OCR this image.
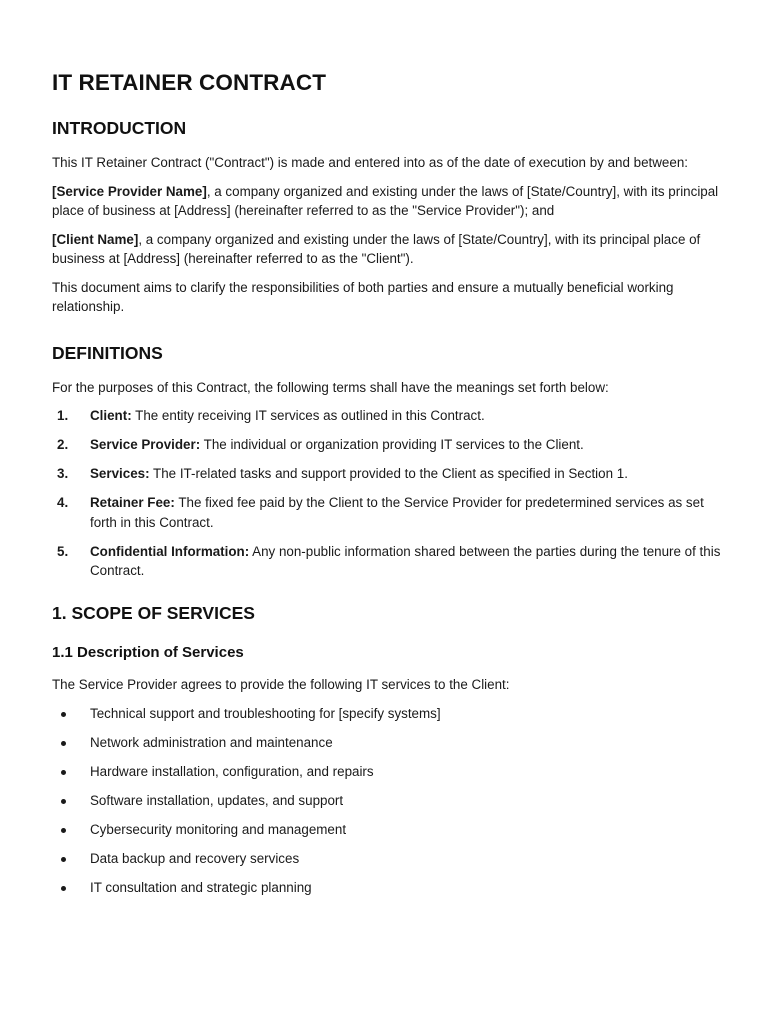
IT RETAINER CONTRACT
INTRODUCTION

This IT Retainer Contract ("Contract") is made and entered into as of the date of execution by and between:

[Service Provider Name], a company organized and existing under the laws of [State/Country], with its principal place of business at [Address] (hereinafter referred to as the "Service Provider"); and

[Client Name], a company organized and existing under the laws of [State/Country], with its principal place of business at [Address] (hereinafter referred to as the "Client").

This document aims to clarify the responsibilities of both parties and ensure a mutually beneficial working relationship.

DEFINITIONS

For the purposes of this Contract, the following terms shall have the meanings set forth below:

1. Client: The entity receiving IT services as outlined in this Contract.
2. Service Provider: The individual or organization providing IT services to the Client.
3. Services: The IT-related tasks and support provided to the Client as specified in Section 1.
4. Retainer Fee: The fixed fee paid by the Client to the Service Provider for predetermined services as set forth in this Contract.
5. Confidential Information: Any non-public information shared between the parties during the tenure of this Contract.
1. SCOPE OF SERVICES
1.1 Description of Services

The Service Provider agrees to provide the following IT services to the Client:

Technical support and troubleshooting for [specify systems]
Network administration and maintenance
Hardware installation, configuration, and repairs
Software installation, updates, and support
Cybersecurity monitoring and management
Data backup and recovery services
IT consultation and strategic planning
